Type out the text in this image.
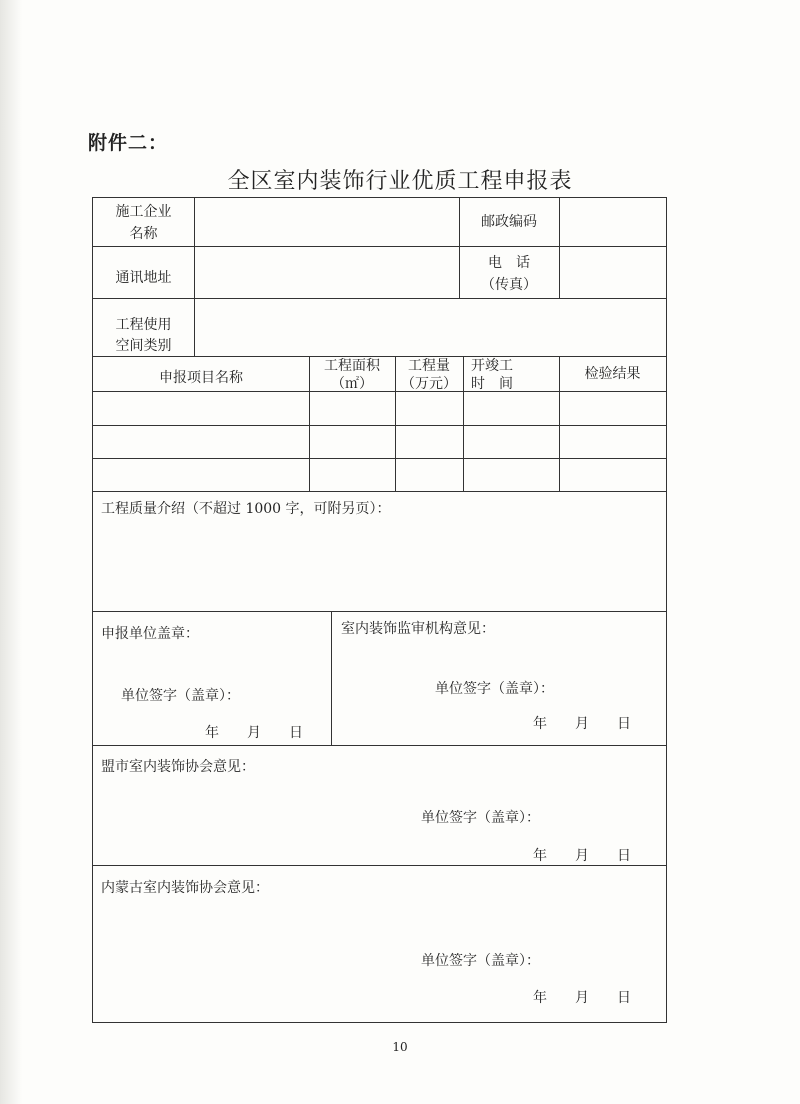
附件二：
全区室内装饰行业优质工程申报表
施工企业
名称
邮政编码
通讯地址
电　话
（传真）
工程使用
空间类别
申报项目名称
工程面积
（㎡）
工程量
（万元）
开竣工
时　间
检验结果
工程质量介绍（不超过 1000 字，可附另页）：
申报单位盖章：
单位签字（盖章）：
年　　月　　日
室内装饰监审机构意见：
单位签字（盖章）：
年　　月　　日
盟市室内装饰协会意见：
单位签字（盖章）：
年　　月　　日
内蒙古室内装饰协会意见：
单位签字（盖章）：
年　　月　　日
10
